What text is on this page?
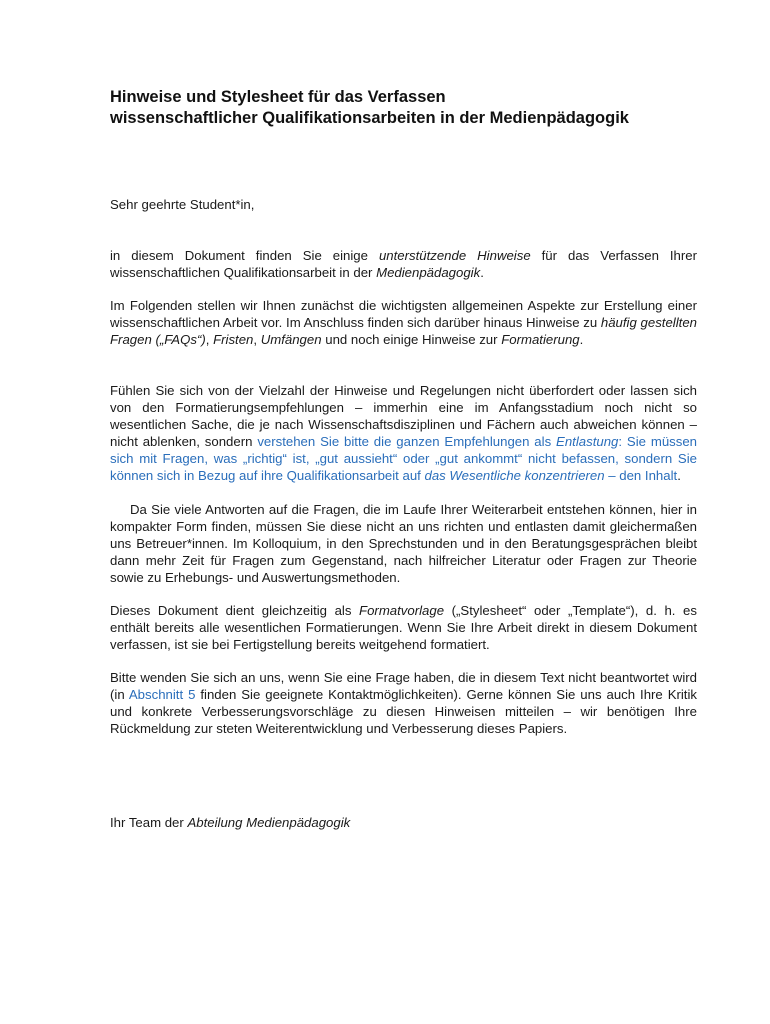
Hinweise und Stylesheet für das Verfassen
wissenschaftlicher Qualifikationsarbeiten in der Medienpädagogik

Sehr geehrte Student*in,

in diesem Dokument finden Sie einige unterstützende Hinweise für das Verfassen Ihrer wissenschaftlichen Qualifikationsarbeit in der Medienpädagogik.

Im Folgenden stellen wir Ihnen zunächst die wichtigsten allgemeinen Aspekte zur Erstellung einer wissenschaftlichen Arbeit vor. Im Anschluss finden sich darüber hinaus Hinweise zu häufig gestellten Fragen („FAQs“), Fristen, Umfängen und noch einige Hinweise zur Formatierung.

Fühlen Sie sich von der Vielzahl der Hinweise und Regelungen nicht überfordert oder lassen sich von den Formatierungsempfehlungen – immerhin eine im Anfangsstadium noch nicht so wesentlichen Sache, die je nach Wissenschaftsdisziplinen und Fächern auch abweichen können – nicht ablenken, sondern verstehen Sie bitte die ganzen Empfehlungen als Entlastung: Sie müssen sich mit Fragen, was „richtig“ ist, „gut aussieht“ oder „gut ankommt“ nicht befassen, sondern Sie können sich in Bezug auf ihre Qualifikationsarbeit auf das Wesentliche konzentrieren – den Inhalt.

Da Sie viele Antworten auf die Fragen, die im Laufe Ihrer Weiterarbeit entstehen können, hier in kompakter Form finden, müssen Sie diese nicht an uns richten und entlasten damit gleichermaßen uns Betreuer*innen. Im Kolloquium, in den Sprechstunden und in den Beratungsgesprächen bleibt dann mehr Zeit für Fragen zum Gegenstand, nach hilfreicher Literatur oder Fragen zur Theorie sowie zu Erhebungs- und Auswertungsmethoden.

Dieses Dokument dient gleichzeitig als Formatvorlage („Stylesheet“ oder „Template“), d. h. es enthält bereits alle wesentlichen Formatierungen. Wenn Sie Ihre Arbeit direkt in diesem Dokument verfassen, ist sie bei Fertigstellung bereits weitgehend formatiert.

Bitte wenden Sie sich an uns, wenn Sie eine Frage haben, die in diesem Text nicht beantwortet wird (in Abschnitt 5 finden Sie geeignete Kontaktmöglichkeiten). Gerne können Sie uns auch Ihre Kritik und konkrete Verbesserungsvorschläge zu diesen Hinweisen mitteilen – wir benötigen Ihre Rückmeldung zur steten Weiterentwicklung und Verbesserung dieses Papiers.

Ihr Team der Abteilung Medienpädagogik
